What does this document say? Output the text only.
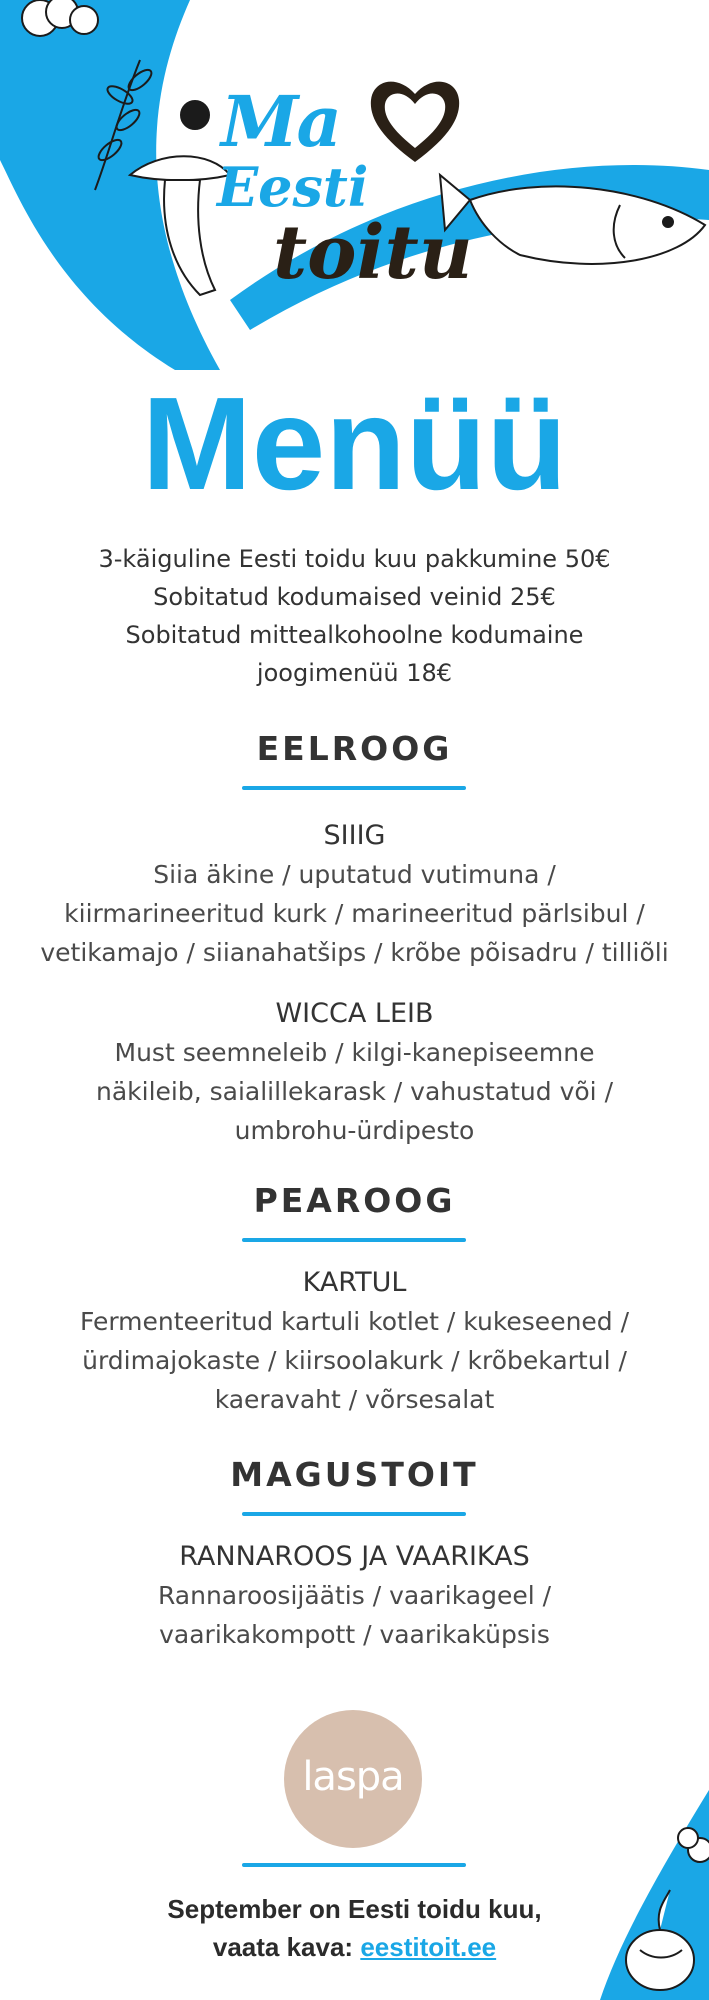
Ma
Eesti
toitu
Menüü
3-käiguline Eesti toidu kuu pakkumine 50€
Sobitatud kodumaised veinid 25€
Sobitatud mittealkohoolne kodumaine
joogimenüü 18€
EELROOG
SIIIG
Siia äkine / uputatud vutimuna /
kiirmarineeritud kurk / marineeritud pärlsibul /
vetikamajo / siianahatšips / krõbe põisadru / tilliõli
WICCA LEIB
Must seemneleib / kilgi-kanepiseemne
näkileib, saialillekarask / vahustatud või /
umbrohu-ürdipesto
PEAROOG
KARTUL
Fermenteeritud kartuli kotlet / kukeseened /
ürdimajokaste / kiirsoolakurk / krõbekartul /
kaeravaht / võrsesalat
MAGUSTOIT
RANNAROOS JA VAARIKAS
Rannaroosijäätis / vaarikageel /
vaarikakompott / vaarikaküpsis
laspa
September on Eesti toidu kuu,
vaata kava: eestitoit.ee
